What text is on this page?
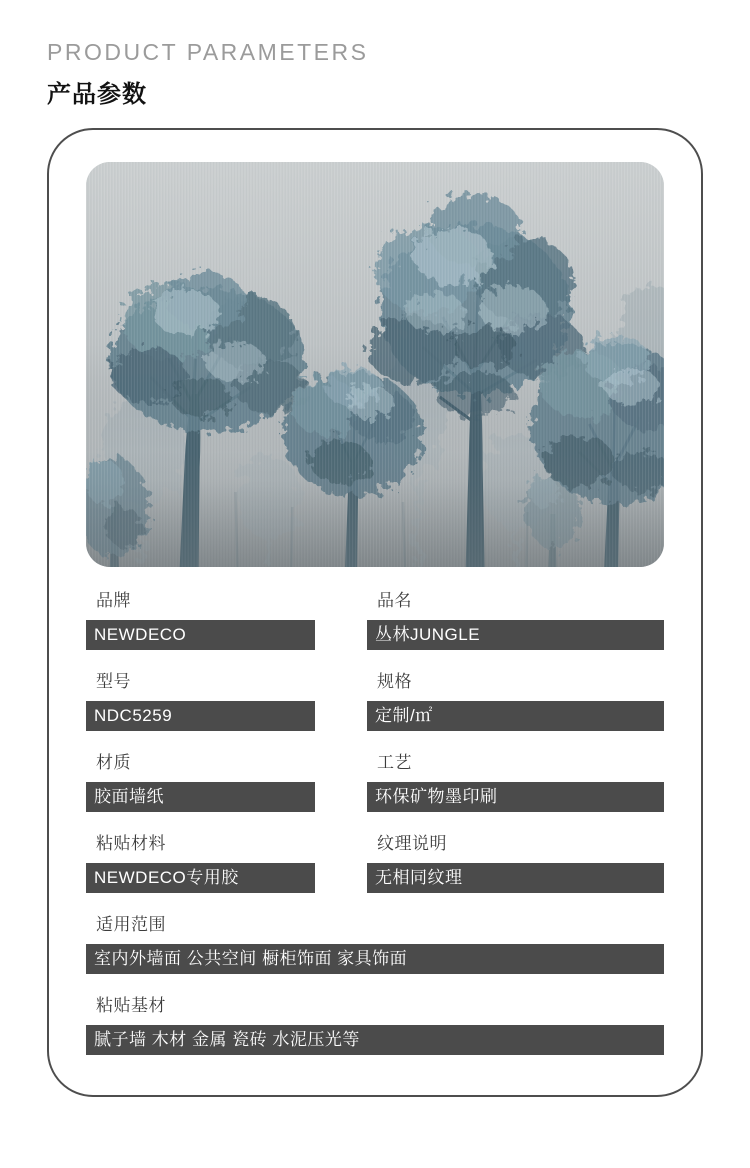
PRODUCT PARAMETERS
产品参数
品牌
NEWDECO
品名
丛林JUNGLE
型号
NDC5259
规格
定制/㎡
材质
胶面墙纸
工艺
环保矿物墨印刷
粘贴材料
NEWDECO专用胶
纹理说明
无相同纹理
适用范围
室内外墙面 公共空间 橱柜饰面 家具饰面
粘贴基材
腻子墙 木材 金属 瓷砖 水泥压光等
